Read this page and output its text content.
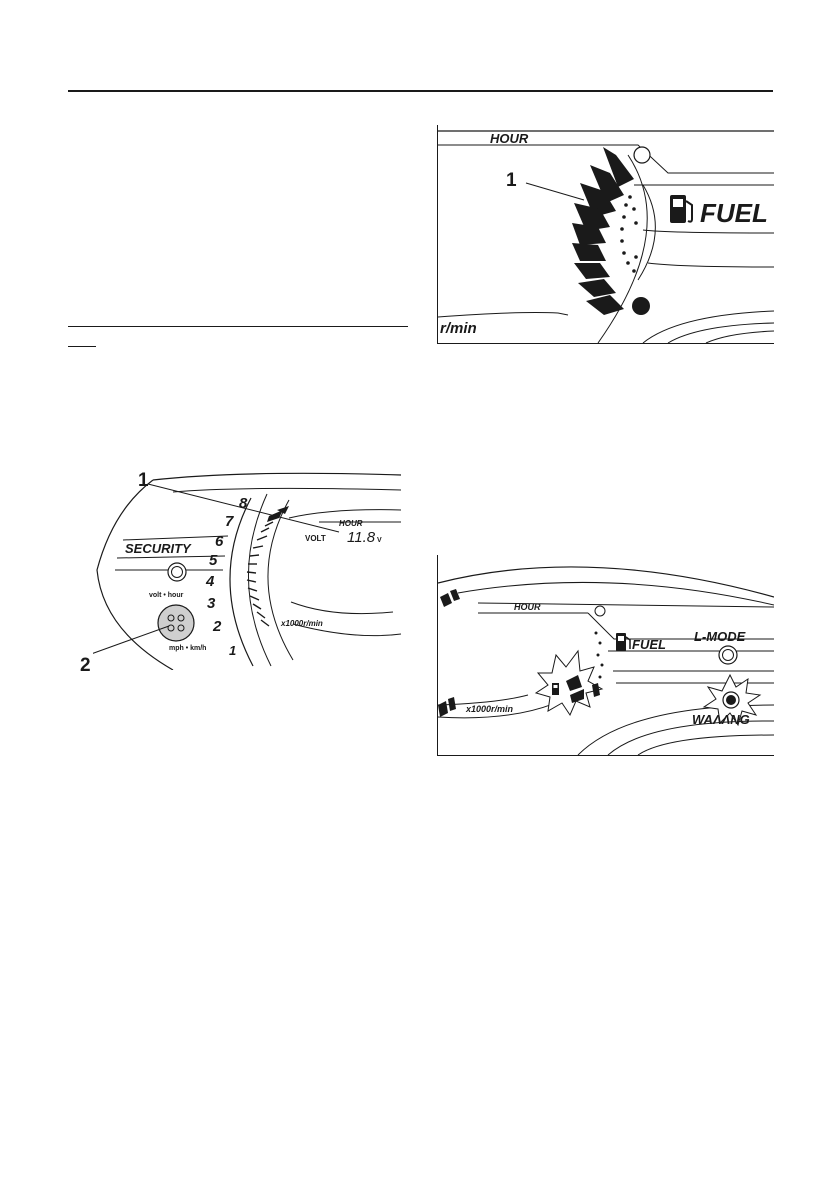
HOUR
FUEL
r/min
1
SECURITY
HOUR
VOLT 11.8 V
x1000r/min
volt • hour
mph • km/h
8
7
6
5
4
3
2
1
1
2
HOUR
FUEL
L-MODE
x1000r/min
WAΛΛNG
